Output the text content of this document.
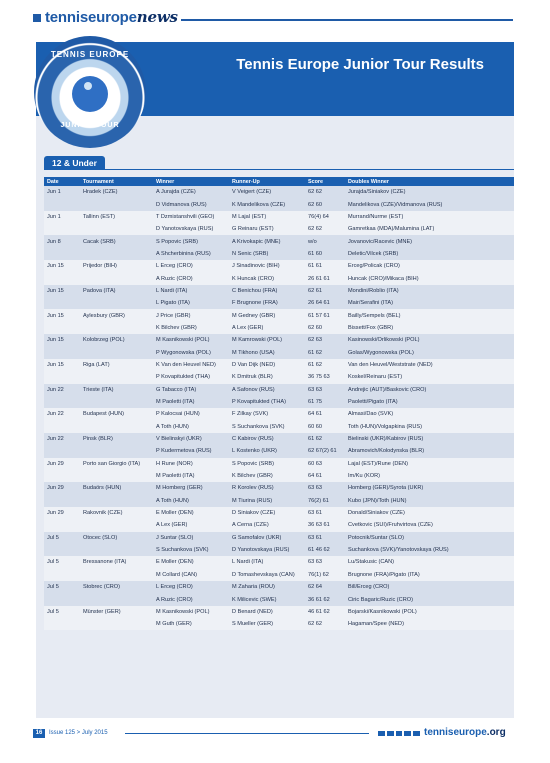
tenniseuropenews
Tennis Europe Junior Tour Results
TENNIS EUROPE
JUNIOR TOUR
12 & Under
Date	Tournament	Winner	Runner-Up	Score	Doubles Winner
Jun 1	Hradek (CZE)	A Jurajda (CZE)	V Veigert (CZE)	62 62	Jurajda/Siniakov (CZE)
		D Vidmanova (RUS)	K Mandelikova (CZE)	62 60	Mandelikova (CZE)/Vidmanova (RUS)
Jun 1	Tallinn (EST)	T Dzmistanshvili (GEO)	M Lajal (EST)	76(4) 64	Murrand/Nurme (EST)
		D Yanotovskaya (RUS)	G Reinaru (EST)	62 62	Gamretkaa (MDA)/Malumina (LAT)
Jun 8	Cacak (SRB)	S Popovic (SRB)	A Krivokapic (MNE)	w/o	Jovanovic/Racevic (MNE)
		A Shcherbinina (RUS)	N Senic (SRB)	61 60	Deletic/Vilcek (SRB)
Jun 15	Prijedor (BIH)	L Erceg (CRO)	J Sinadinovic (BIH)	61 61	Erceg/Policak (CRO)
		A Ruzic (CRO)	K Huncak (CRO)	26 61 61	Huncak (CRO)/Mikaca (BIH)
Jun 15	Padova (ITA)	L Nardi (ITA)	C Benichou (FRA)	62 61	Mondini/Roblio (ITA)
		L Pigato (ITA)	F Brugnone (FRA)	26 64 61	Mair/Serafini (ITA)
Jun 15	Aylesbury (GBR)	J Price (GBR)	M Gedney (GBR)	61 57 61	Bailly/Sempels (BEL)
		K Bilchev (GBR)	A Lex (GER)	62 60	Bissett/Fox (GBR)
Jun 15	Kolobrzeg (POL)	M Kasnikowski (POL)	M Kamrowski (POL)	62 63	Kasinowski/Orlikowski (POL)
		P Wygonowska (POL)	M Tikhono (USA)	61 62	Golas/Wygonowska (POL)
Jun 15	Riga (LAT)	K Van den Heuvel NED)	D Van Dijk (NED)	61 62	Van den Heuvel/Weststrate (NED)
		P Kovapitukted (THA)	K Dmitruk (BLR)	36 75 63	Koskel/Reinaru (EST)
Jun 22	Trieste (ITA)	G Tabacco (ITA)	A Safonov (RUS)	63 63	Andrejic (AUT)/Baskovic (CRO)
		M Paoletti (ITA)	P Kovapitukted (THA)	61 75	Paoletti/Pigato (ITA)
Jun 22	Budapest (HUN)	P Kalocsai (HUN)	F Zilkay (SVK)	64 61	Almasi/Dao (SVK)
		A Toth (HUN)	S Suchankova (SVK)	60 60	Toth (HUN)/Volgapkina (RUS)
Jun 22	Pinsk (BLR)	V Bielinskyi (UKR)	C Kabirov (RUS)	61 62	Bielinski (UKR)/Kabirov (RUS)
		P Kudermetova (RUS)	L Kostenko (UKR)	62 67(2) 61	Abramovich/Kolodynska (BLR)
Jun 29	Porto san Giorgio (ITA)	H Rune (NOR)	S Popovic (SRB)	60 63	Lajal (EST)/Rune (DEN)
		M Paoletti (ITA)	K Bilchev (GBR)	64 61	Im/Ku (KOR)
Jun 29	Budaörs (HUN)	M Homberg (GER)	R Korolev (RUS)	63 63	Homberg (GER)/Syrota (UKR)
		A Toth (HUN)	M Tiurina (RUS)	76(2) 61	Kubo (JPN)/Toth (HUN)
Jun 29	Rakovnik (CZE)	E Moller (DEN)	D Siniakov (CZE)	63 61	Donald/Siniakov (CZE)
		A Lex (GER)	A Cerna (CZE)	36 63 61	Cvetkovic (SUI)/Fruhvirtova (CZE)
Jul 5	Otocec (SLO)	J Suntar (SLO)	G Samofalov (UKR)	63 61	Potocnik/Suntar (SLO)
		S Suchankova (SVK)	D Yanotovskaya (RUS)	61 46 62	Suchankova (SVK)/Yanotovskaya (RUS)
Jul 5	Bressanone (ITA)	E Moller (DEN)	L Nardi (ITA)	63 63	Lu/Stakusic (CAN)
		M Collard (CAN)	D Tomashevskaya (CAN)	76(1) 62	Brugnone (FRA)/Pigato (ITA)
Jul 5	Stobrec (CRO)	L Erceg (CRO)	M Zaharia (ROU)	62 64	Bill/Erceg (CRO)
		A Ruzic (CRO)	K Milicevic (SWE)	36 61 62	Ciric Bagaric/Ruzic (CRO)
Jul 5	Münster (GER)	M Kasnikowski (POL)	D Benard (NED)	46 61 62	Bojarski/Kasnikowski (POL)
		M Guth (GER)	S Mueller (GER)	62 62	Hagaman/Spee (NED)
16	Issue 125 > July 2015	tenniseurope.org
